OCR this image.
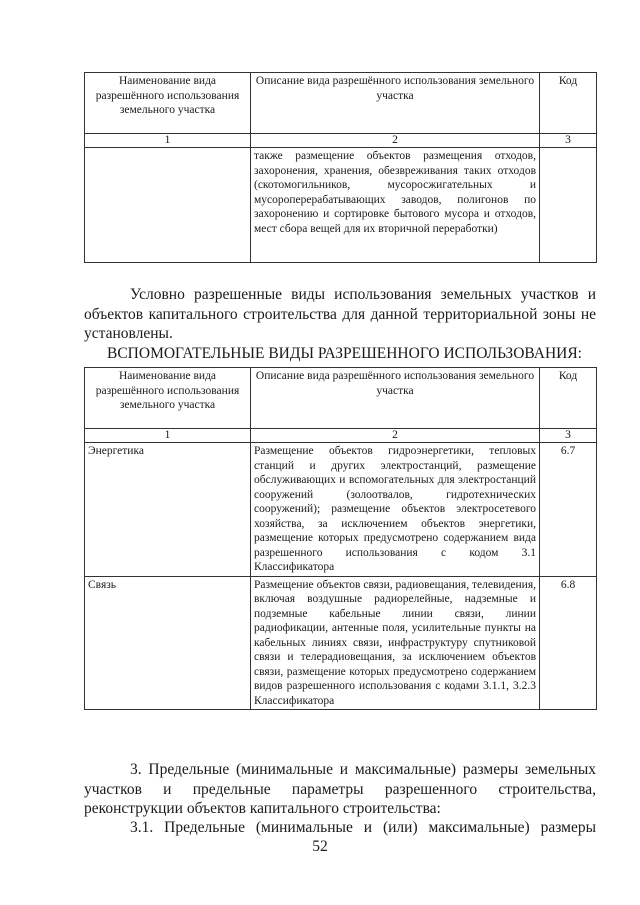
Наименование вида разрешённого использования земельного участка	Описание вида разрешённого использования земельного участка	Код
1	2	3
	также размещение объектов размещения отходов, захоронения, хранения, обезвреживания таких отходов (скотомогильников, мусоросжигательных и мусороперерабатывающих заводов, полигонов по захоронению и сортировке бытового мусора и отходов, мест сбора вещей для их вторичной переработки)	
Условно разрешенные виды использования земельных участков и объектов капитального строительства для данной территориальной зоны не установлены.
ВСПОМОГАТЕЛЬНЫЕ ВИДЫ РАЗРЕШЕННОГО ИСПОЛЬЗОВАНИЯ:
Наименование вида разрешённого использования земельного участка	Описание вида разрешённого использования земельного участка	Код
1	2	3
Энергетика	Размещение объектов гидроэнергетики, тепловых станций и других электростанций, размещение обслуживающих и вспомогательных для электростанций сооружений (золоотвалов, гидротехнических сооружений); размещение объектов электросетевого хозяйства, за исключением объектов энергетики, размещение которых предусмотрено содержанием вида разрешенного использования с кодом 3.1 Классификатора	6.7
Связь	Размещение объектов связи, радиовещания, телевидения, включая воздушные радиорелейные, надземные и подземные кабельные линии связи, линии радиофикации, антенные поля, усилительные пункты на кабельных линиях связи, инфраструктуру спутниковой связи и телерадиовещания, за исключением объектов связи, размещение которых предусмотрено содержанием видов разрешенного использования с кодами 3.1.1, 3.2.3 Классификатора	6.8
3. Предельные (минимальные и максимальные) размеры земельных участков и предельные параметры разрешенного строительства, реконструкции объектов капитального строительства:
3.1. Предельные (минимальные и (или) максимальные) размеры
52
